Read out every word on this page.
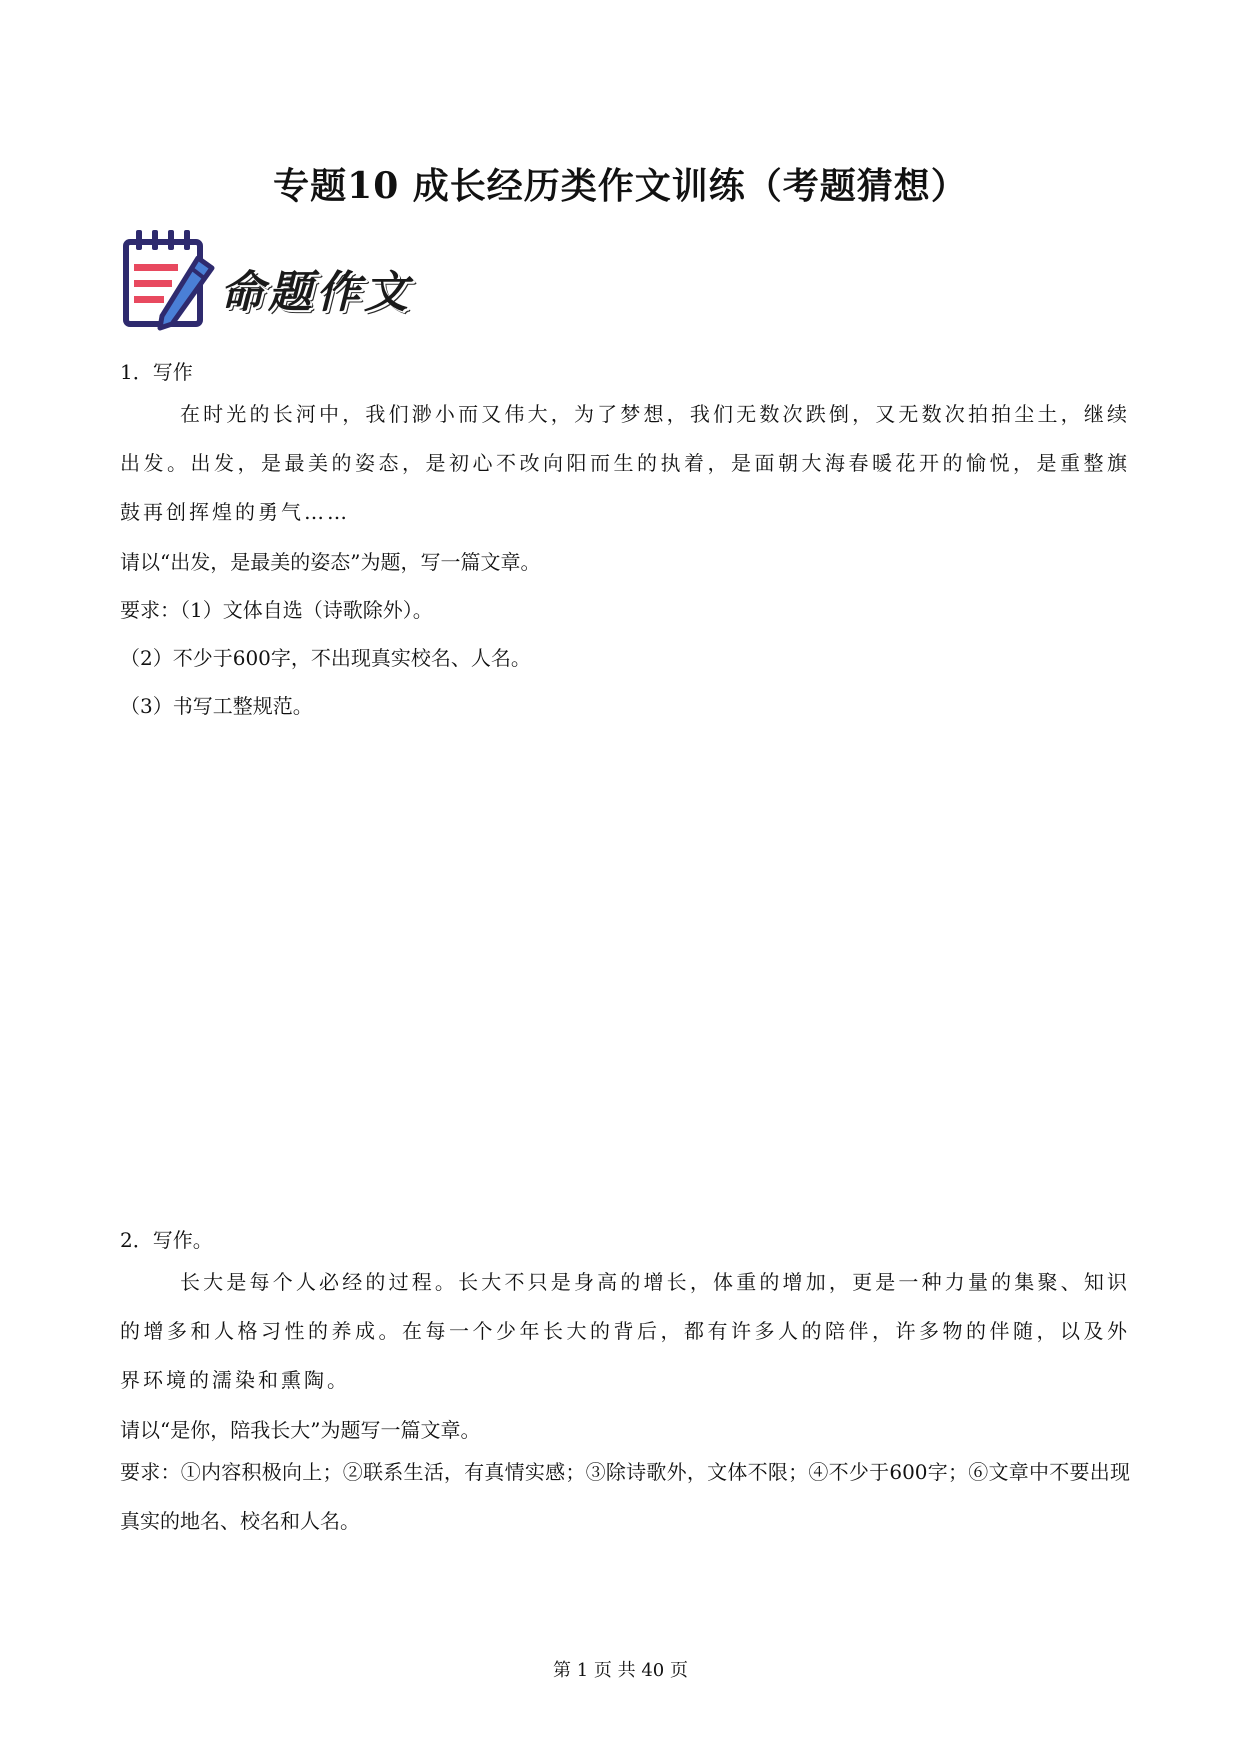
专题10 成长经历类作文训练（考题猜想）
命题作文
1．写作
在时光的长河中，我们渺小而又伟大，为了梦想，我们无数次跌倒，又无数次拍拍尘土，继续出发。出发，是最美的姿态，是初心不改向阳而生的执着，是面朝大海春暖花开的愉悦，是重整旗鼓再创挥煌的勇气……
请以“出发，是最美的姿态”为题，写一篇文章。
要求：（1）文体自选（诗歌除外）。
（2）不少于600字，不出现真实校名、人名。
（3）书写工整规范。
2．写作。
长大是每个人必经的过程。长大不只是身高的增长，体重的增加，更是一种力量的集聚、知识的增多和人格习性的养成。在每一个少年长大的背后，都有许多人的陪伴，许多物的伴随，以及外界环境的濡染和熏陶。
请以“是你，陪我长大”为题写一篇文章。
要求：①内容积极向上；②联系生活，有真情实感；③除诗歌外，文体不限；④不少于600字；⑥文章中不要出现真实的地名、校名和人名。
第 1 页 共 40 页
